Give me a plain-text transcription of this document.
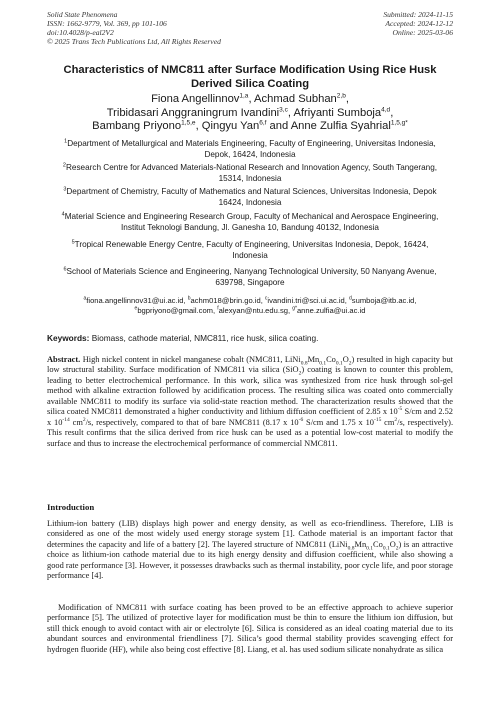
Solid State Phenomena
ISSN: 1662-9779, Vol. 369, pp 101-106
doi:10.4028/p-eal2V2
© 2025 Trans Tech Publications Ltd, All Rights Reserved
Submitted: 2024-11-15
Accepted: 2024-12-12
Online: 2025-03-06
Characteristics of NMC811 after Surface Modification Using Rice Husk
Derived Silica Coating

Fiona Angellinnov$^{1,a}$, Achmad Subhan$^{2,b}$,
Tribidasari Anggraningrum Ivandini$^{3,c}$, Afriyanti Sumboja$^{4,d}$,
Bambang Priyono$^{1,5,e}$, Qingyu Yan$^{6,f}$ and Anne Zulfia Syahrial$^{1,5,g*}$

$^1$Department of Metallurgical and Materials Engineering, Faculty of Engineering, Universitas Indonesia, Depok, 16424, Indonesia

$^2$Research Centre for Advanced Materials-National Research and Innovation Agency, South Tangerang, 15314, Indonesia

$^3$Department of Chemistry, Faculty of Mathematics and Natural Sciences, Universitas Indonesia, Depok 16424, Indonesia

$^4$Material Science and Engineering Research Group, Faculty of Mechanical and Aerospace Engineering, Institut Teknologi Bandung, Jl. Ganesha 10, Bandung 40132, Indonesia

$^5$Tropical Renewable Energy Centre, Faculty of Engineering, Universitas Indonesia, Depok, 16424, Indonesia

$^6$School of Materials Science and Engineering, Nanyang Technological University, 50 Nanyang Avenue, 639798, Singapore

$^a$fiona.angellinnov31@ui.ac.id, $^b$achm018@brin.go.id, $^c$ivandini.tri@sci.ui.ac.id, $^d$sumboja@itb.ac.id,
$^e$bgpriyono@gmail.com, $^f$alexyan@ntu.edu.sg, $^{g*}$anne.zulfia@ui.ac.id

Keywords: Biomass, cathode material, NMC811, rice husk, silica coating.

Abstract. High nickel content in nickel manganese cobalt (NMC811, $LiNi_{0.8}Mn_{0.1}Co_{0.1}O_2$) resulted in high capacity but low structural stability. Surface modification of NMC811 via silica (SiO$_2$) coating is known to counter this problem, leading to better electrochemical performance. In this work, silica was synthesized from rice husk through sol-gel method with alkaline extraction followed by acidification process. The resulting silica was coated onto commercially available NMC811 to modify its surface via solid-state reaction method. The characterization results showed that the silica coated NMC811 demonstrated a higher conductivity and lithium diffusion coefficient of 2.85 x $10^{-5}$ S/cm and 2.52 x $10^{-14}$ $cm^2/s$, respectively, compared to that of bare NMC811 (8.17 x $10^{-6}$ S/cm and 1.75 x $10^{-15}$ $cm^2/s$, respectively). This result confirms that the silica derived from rice husk can be used as a potential low-cost material to modify the surface and thus to increase the electrochemical performance of commercial NMC811.

Introduction

Lithium-ion battery (LIB) displays high power and energy density, as well as eco-friendliness. Therefore, LIB is considered as one of the most widely used energy storage system [1]. Cathode material is an important factor that determines the capacity and life of a battery [2]. The layered structure of NMC811 $(LiNi_{0.8}Mn_{0.1}Co_{0.1}O_2)$ is an attractive choice as lithium-ion cathode material due to its high energy density and diffusion coefficient, while also showing a good rate performance [3]. However, it possesses drawbacks such as thermal instability, poor cycle life, and poor storage performance [4].

Modification of NMC811 with surface coating has been proved to be an effective approach to achieve superior performance [5]. The utilized of protective layer for modification must be thin to ensure the lithium ion diffusion, but still thick enough to avoid contact with air or electrolyte [6]. Silica is considered as an ideal coating material due to its abundant sources and environmental friendliness [7]. Silica’s good thermal stability provides scavenging effect for hydrogen fluoride (HF), while also being cost effective [8]. Liang, et al. has used sodium silicate nonahydrate as silica
